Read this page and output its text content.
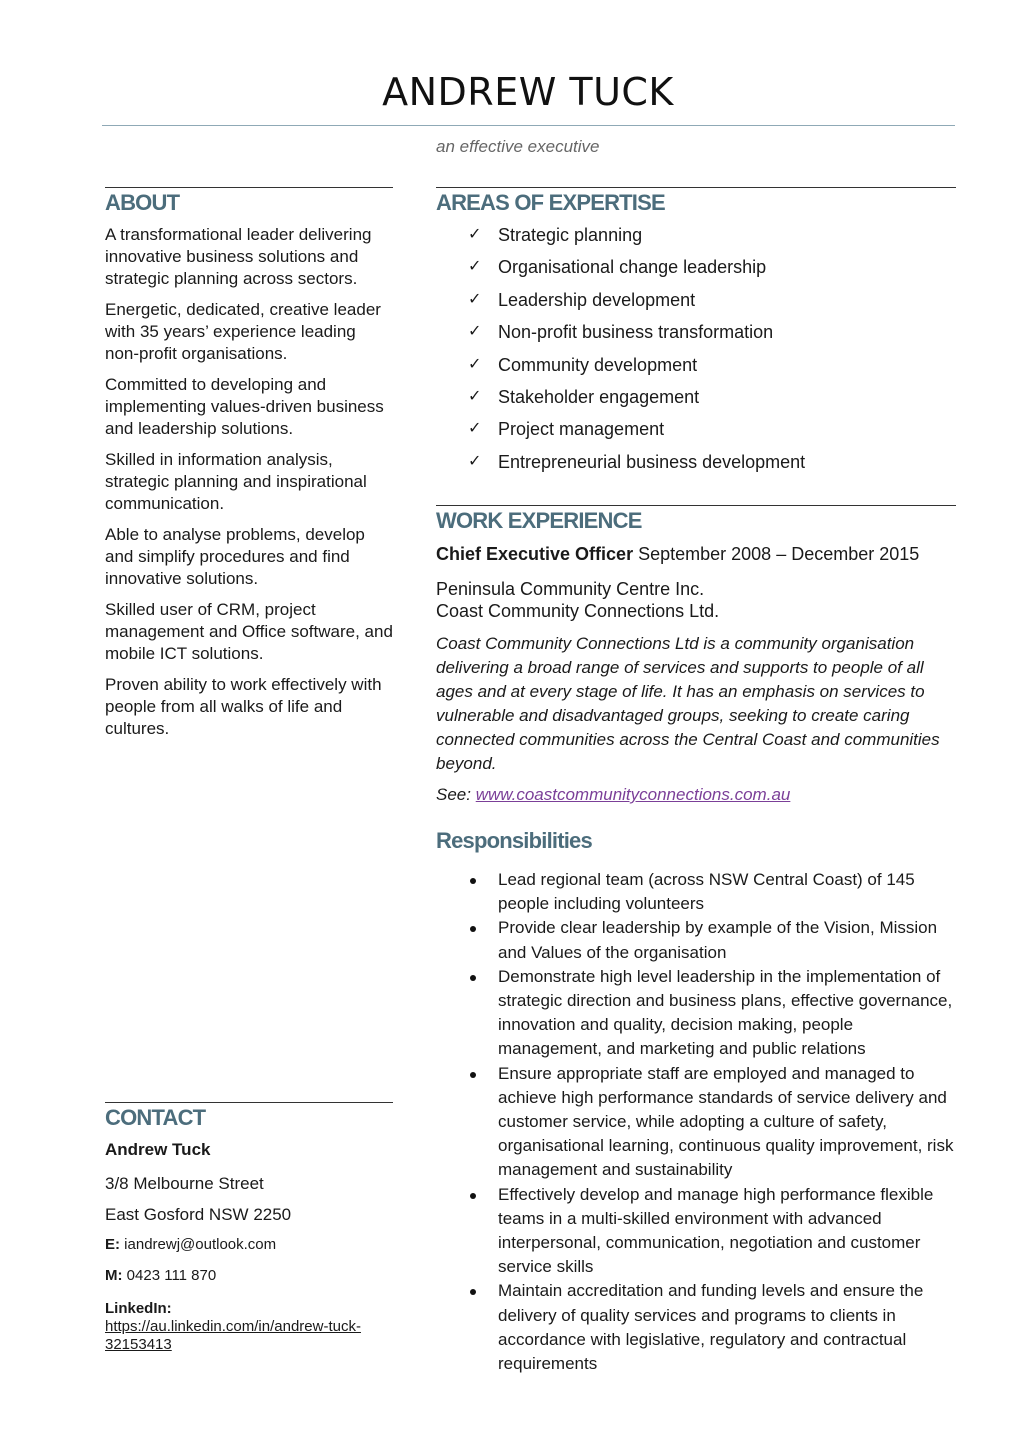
ANDREW TUCK
an effective executive
ABOUT

A transformational leader delivering innovative business solutions and strategic planning across sectors.

Energetic, dedicated, creative leader with 35 years’ experience leading non-profit organisations.

Committed to developing and implementing values-driven business and leadership solutions.

Skilled in information analysis, strategic planning and inspirational communication.

Able to analyse problems, develop and simplify procedures and find innovative solutions.

Skilled user of CRM, project management and Office software, and mobile ICT solutions.

Proven ability to work effectively with people from all walks of life and cultures.

CONTACT

Andrew Tuck

3/8 Melbourne Street

East Gosford NSW 2250

E: iandrewj@outlook.com

M: 0423 111 870

LinkedIn:

https://au.linkedin.com/in/andrew-tuck-32153413
AREAS OF EXPERTISE
✓ Strategic planning
✓ Organisational change leadership
✓ Leadership development
✓ Non-profit business transformation
✓ Community development
✓ Stakeholder engagement
✓ Project management
✓ Entrepreneurial business development
WORK EXPERIENCE

Chief Executive Officer September 2008 – December 2015

Peninsula Community Centre Inc.
Coast Community Connections Ltd.

Coast Community Connections Ltd is a community organisation delivering a broad range of services and supports to people of all ages and at every stage of life. It has an emphasis on services to vulnerable and disadvantaged groups, seeking to create caring connected communities across the Central Coast and communities beyond.

See: www.coastcommunityconnections.com.au

Responsibilities
Lead regional team (across NSW Central Coast) of 145 people including volunteers
Provide clear leadership by example of the Vision, Mission and Values of the organisation
Demonstrate high level leadership in the implementation of strategic direction and business plans, effective governance, innovation and quality, decision making, people management, and marketing and public relations
Ensure appropriate staff are employed and managed to achieve high performance standards of service delivery and customer service, while adopting a culture of safety, organisational learning, continuous quality improvement, risk management and sustainability
Effectively develop and manage high performance flexible teams in a multi-skilled environment with advanced interpersonal, communication, negotiation and customer service skills
Maintain accreditation and funding levels and ensure the delivery of quality services and programs to clients in accordance with legislative, regulatory and contractual requirements
